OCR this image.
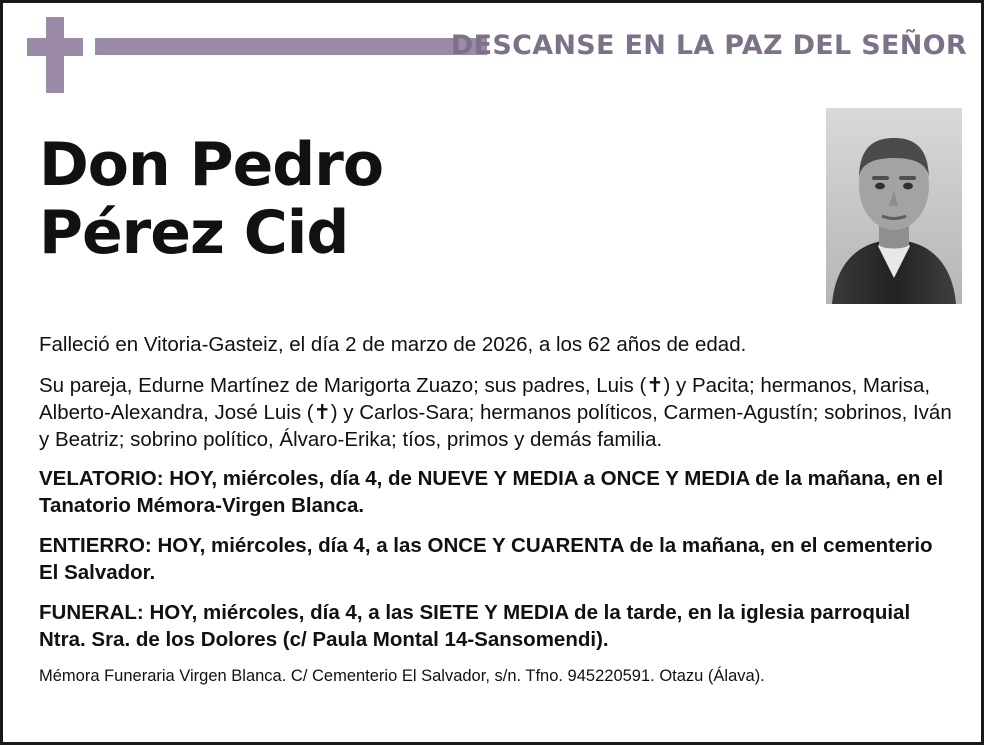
DESCANSE EN LA PAZ DEL SEÑOR
Don Pedro
Pérez Cid
Falleció en Vitoria-Gasteiz, el día 2 de marzo de 2026, a los 62 años de edad.
Su pareja, Edurne Martínez de Marigorta Zuazo; sus padres, Luis (✝) y Pacita; hermanos, Marisa, Alberto-Alexandra, José Luis (✝) y Carlos-Sara; hermanos políticos, Carmen-Agustín; sobrinos, Iván y Beatriz; sobrino político, Álvaro-Erika; tíos, primos y demás familia.
VELATORIO: HOY, miércoles, día 4, de NUEVE Y MEDIA a ONCE Y MEDIA de la mañana, en el Tanatorio Mémora-Virgen Blanca.
ENTIERRO: HOY, miércoles, día 4, a las ONCE Y CUARENTA de la mañana, en el cementerio El Salvador.
FUNERAL: HOY, miércoles, día 4, a las SIETE Y MEDIA de la tarde, en la iglesia parroquial Ntra. Sra. de los Dolores (c/ Paula Montal 14-Sansomendi).
Mémora Funeraria Virgen Blanca. C/ Cementerio El Salvador, s/n. Tfno. 945220591. Otazu (Álava).
